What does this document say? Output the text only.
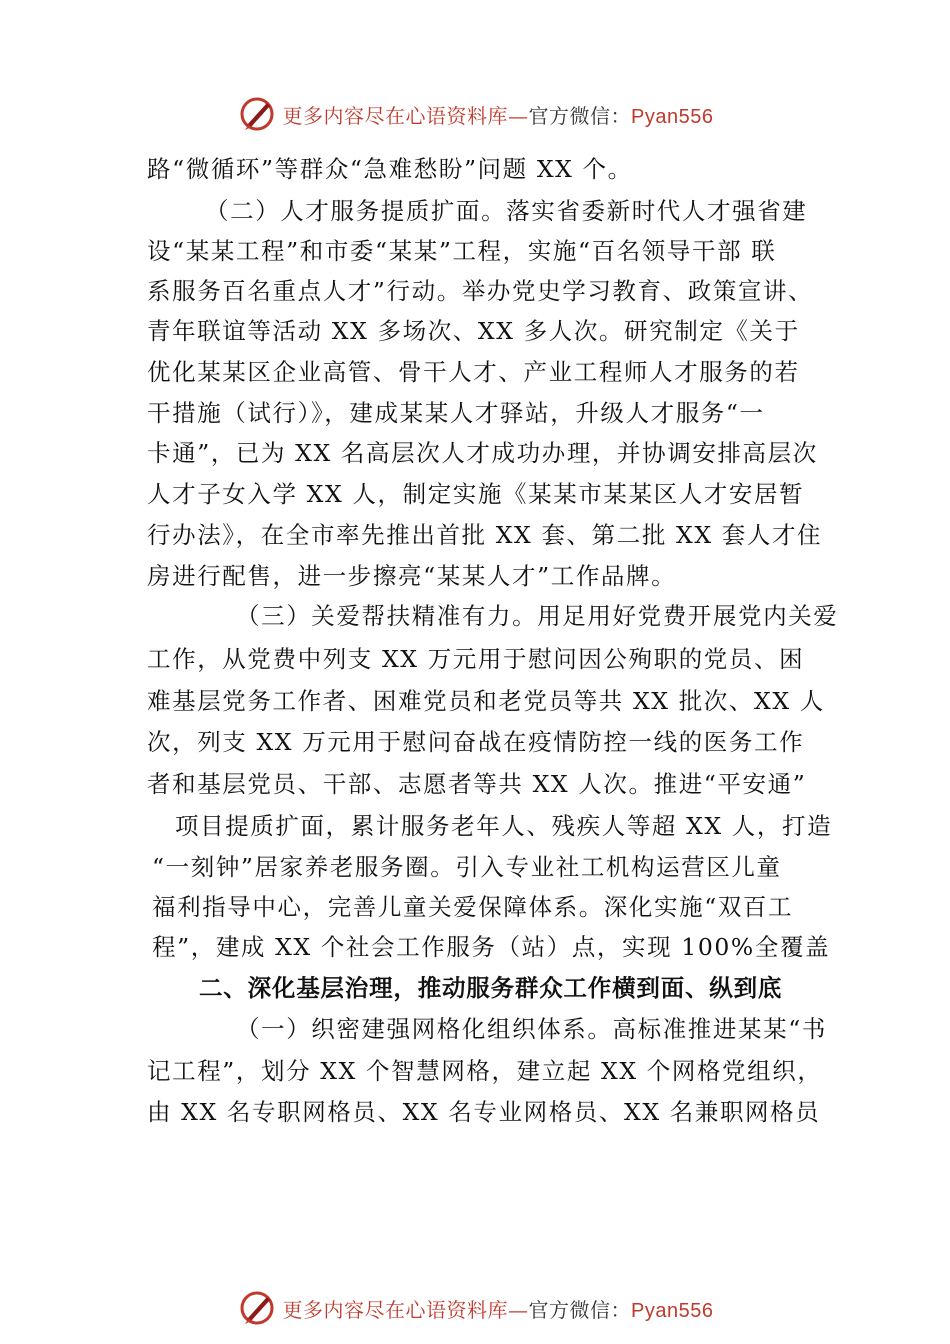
更多内容尽在心语资料库—官方微信：Pyan556
路“微循环”等群众“急难愁盼”问题 XX 个。
（二）人才服务提质扩面。落实省委新时代人才强省建
设“某某工程”和市委“某某”工程，实施“百名领导干部 联
系服务百名重点人才”行动。举办党史学习教育、政策宣讲、
青年联谊等活动 XX 多场次、XX 多人次。研究制定《关于
优化某某区企业高管、骨干人才、产业工程师人才服务的若
干措施（试行）》，建成某某人才驿站，升级人才服务“一
卡通”，已为 XX 名高层次人才成功办理，并协调安排高层次
人才子女入学 XX 人，制定实施《某某市某某区人才安居暂
行办法》，在全市率先推出首批 XX 套、第二批 XX 套人才住
房进行配售，进一步擦亮“某某人才”工作品牌。
（三）关爱帮扶精准有力。用足用好党费开展党内关爱
工作，从党费中列支 XX 万元用于慰问因公殉职的党员、困
难基层党务工作者、困难党员和老党员等共 XX 批次、XX 人
次，列支 XX 万元用于慰问奋战在疫情防控一线的医务工作
者和基层党员、干部、志愿者等共 XX 人次。推进“平安通”
项目提质扩面，累计服务老年人、残疾人等超 XX 人，打造
“一刻钟”居家养老服务圈。引入专业社工机构运营区儿童
福利指导中心，完善儿童关爱保障体系。深化实施“双百工
程”，建成 XX 个社会工作服务（站）点，实现 100%全覆盖
二、深化基层治理，推动服务群众工作横到面、纵到底
（一）织密建强网格化组织体系。高标准推进某某“书
记工程”，划分 XX 个智慧网格，建立起 XX 个网格党组织，
由 XX 名专职网格员、XX 名专业网格员、XX 名兼职网格员
更多内容尽在心语资料库—官方微信：Pyan556
